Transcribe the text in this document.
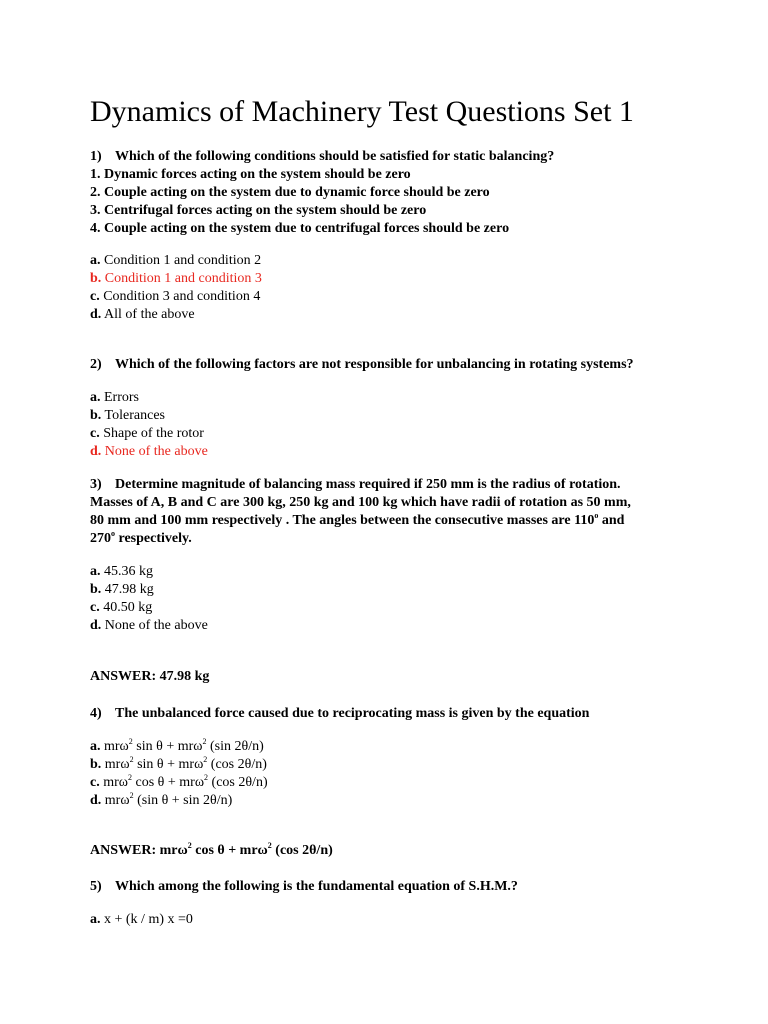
Dynamics of Machinery Test Questions Set 1
1) Which of the following conditions should be satisfied for static balancing?
1. Dynamic forces acting on the system should be zero
2. Couple acting on the system due to dynamic force should be zero
3. Centrifugal forces acting on the system should be zero
4. Couple acting on the system due to centrifugal forces should be zero
a. Condition 1 and condition 2
b. Condition 1 and condition 3
c. Condition 3 and condition 4
d. All of the above
2) Which of the following factors are not responsible for unbalancing in rotating systems?
a. Errors
b. Tolerances
c. Shape of the rotor
d. None of the above
3) Determine magnitude of balancing mass required if 250 mm is the radius of rotation.
Masses of A, B and C are 300 kg, 250 kg and 100 kg which have radii of rotation as 50 mm,
80 mm and 100 mm respectively . The angles between the consecutive masses are 110$^o$ and
270$^o$ respectively.
a. 45.36 kg
b. 47.98 kg
c. 40.50 kg
d. None of the above
ANSWER: 47.98 kg
4) The unbalanced force caused due to reciprocating mass is given by the equation
a. mrω$^2$ sin θ + mrω$^2$ (sin 2θ/n)
b. mrω$^2$ sin θ + mrω$^2$ (cos 2θ/n)
c. mrω$^2$ cos θ + mrω$^2$ (cos 2θ/n)
d. mrω$^2$ (sin θ + sin 2θ/n)
ANSWER: mrω$^2$ cos θ + mrω$^2$ (cos 2θ/n)
5) Which among the following is the fundamental equation of S.H.M.?
a. x + (k / m) x =0
